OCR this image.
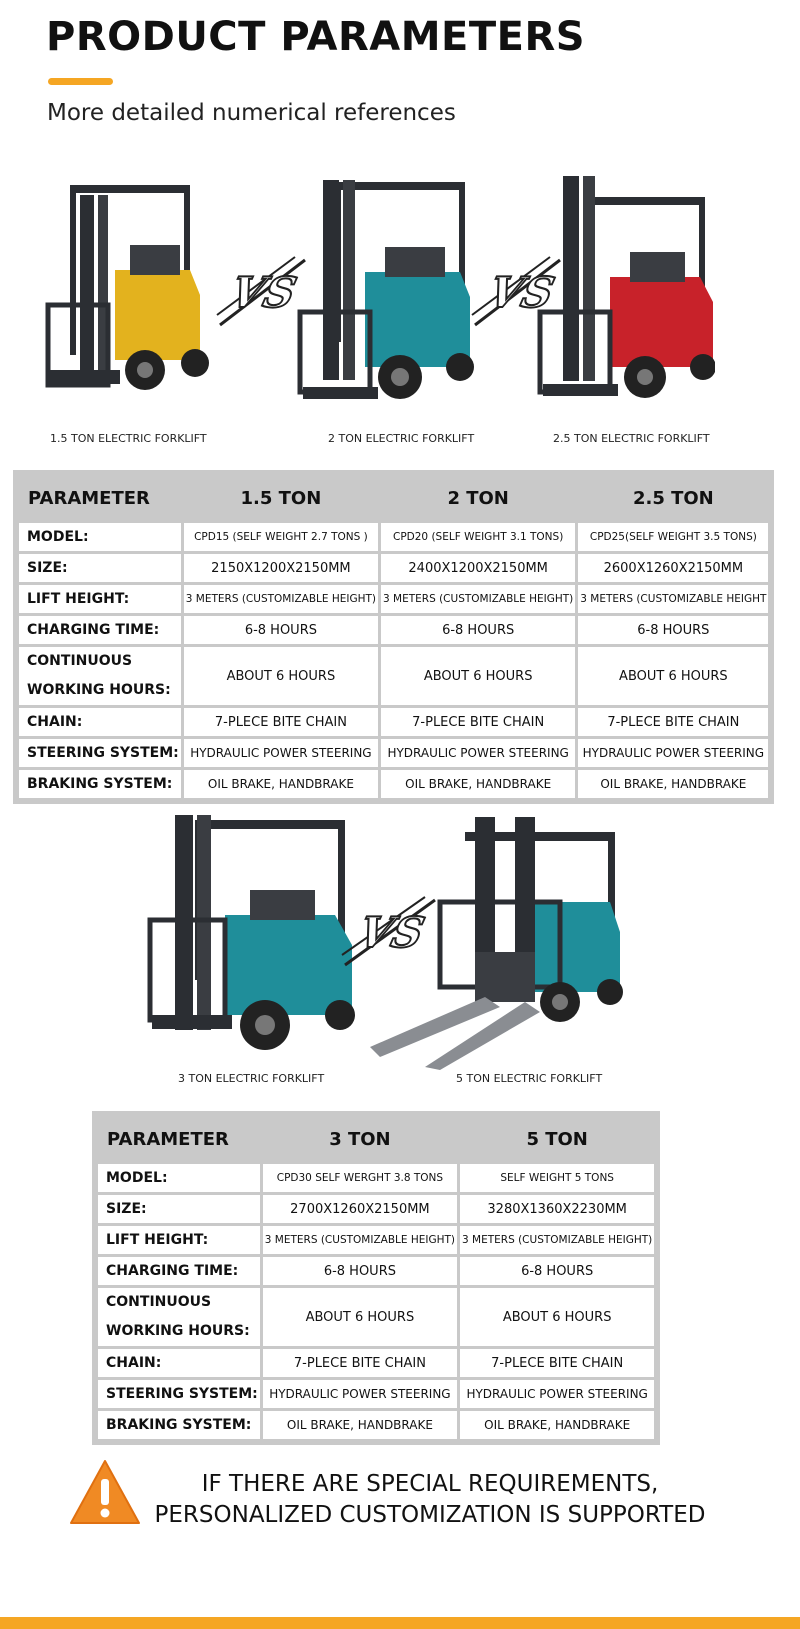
PRODUCT PARAMETERS
More detailed numerical references
VS	VS
1.5 TON ELECTRIC FORKLIFT	2 TON ELECTRIC FORKLIFT	2.5 TON ELECTRIC FORKLIFT
PARAMETER	1.5 TON	2 TON	2.5 TON
MODEL:	CPD15 (SELF WEIGHT 2.7 TONS )	CPD20 (SELF WEIGHT 3.1 TONS)	CPD25(SELF WEIGHT 3.5 TONS)
SIZE:	2150X1200X2150MM	2400X1200X2150MM	2600X1260X2150MM
LIFT HEIGHT:	3 METERS (CUSTOMIZABLE HEIGHT)	3 METERS (CUSTOMIZABLE HEIGHT)	3 METERS (CUSTOMIZABLE HEIGHT
CHARGING TIME:	6-8 HOURS	6-8 HOURS	6-8 HOURS
CONTINUOUS WORKING HOURS:	ABOUT 6 HOURS	ABOUT 6 HOURS	ABOUT 6 HOURS
CHAIN:	7-PLECE BITE CHAIN	7-PLECE BITE CHAIN	7-PLECE BITE CHAIN
STEERING SYSTEM:	HYDRAULIC POWER STEERING	HYDRAULIC POWER STEERING	HYDRAULIC POWER STEERING
BRAKING SYSTEM:	OIL BRAKE, HANDBRAKE	OIL BRAKE, HANDBRAKE	OIL BRAKE, HANDBRAKE
VS
3 TON ELECTRIC FORKLIFT	5 TON ELECTRIC FORKLIFT
PARAMETER	3 TON	5 TON
MODEL:	CPD30 SELF WERGHT 3.8 TONS	SELF WEIGHT 5 TONS
SIZE:	2700X1260X2150MM	3280X1360X2230MM
LIFT HEIGHT:	3 METERS (CUSTOMIZABLE HEIGHT)	3 METERS (CUSTOMIZABLE HEIGHT)
CHARGING TIME:	6-8 HOURS	6-8 HOURS
CONTINUOUS WORKING HOURS:	ABOUT 6 HOURS	ABOUT 6 HOURS
CHAIN:	7-PLECE BITE CHAIN	7-PLECE BITE CHAIN
STEERING SYSTEM:	HYDRAULIC POWER STEERING	HYDRAULIC POWER STEERING
BRAKING SYSTEM:	OIL BRAKE, HANDBRAKE	OIL BRAKE, HANDBRAKE
IF THERE ARE SPECIAL REQUIREMENTS,
PERSONALIZED CUSTOMIZATION IS SUPPORTED
